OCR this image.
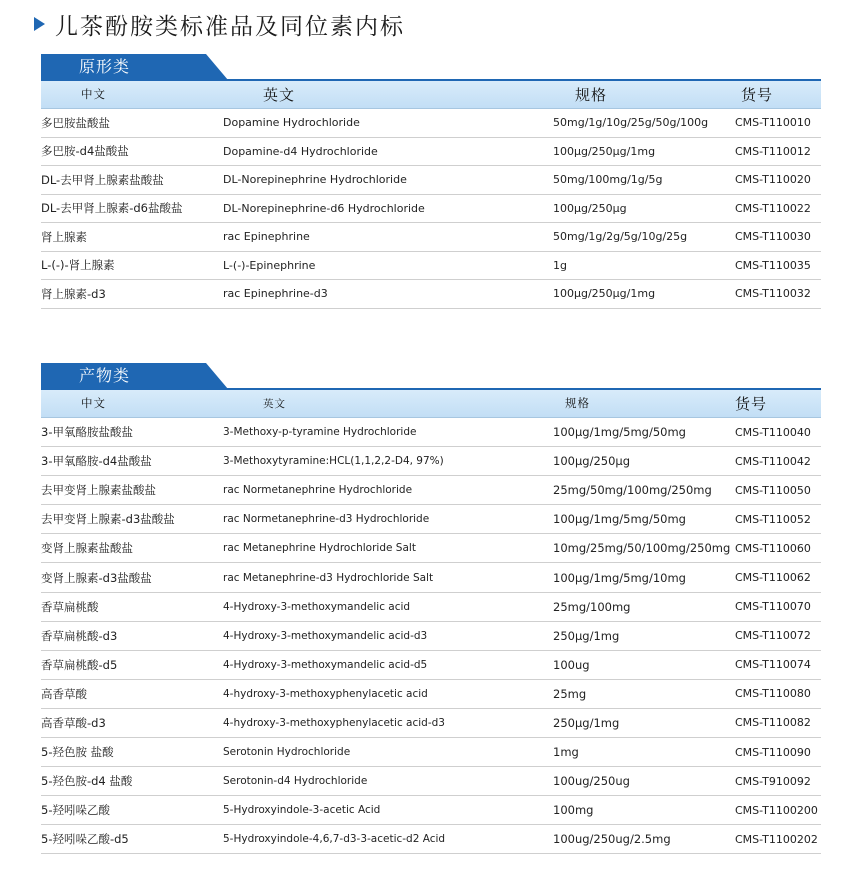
儿茶酚胺类标准品及同位素内标
原形类
中文	英文	规格	货号
多巴胺盐酸盐	Dopamine Hydrochloride	50mg/1g/10g/25g/50g/100g	CMS-T110010
多巴胺-d4盐酸盐	Dopamine-d4 Hydrochloride	100μg/250μg/1mg	CMS-T110012
DL-去甲肾上腺素盐酸盐	DL-Norepinephrine Hydrochloride	50mg/100mg/1g/5g	CMS-T110020
DL-去甲肾上腺素-d6盐酸盐	DL-Norepinephrine-d6 Hydrochloride	100μg/250μg	CMS-T110022
肾上腺素	rac Epinephrine	50mg/1g/2g/5g/10g/25g	CMS-T110030
L-(-)-肾上腺素	L-(-)-Epinephrine	1g	CMS-T110035
肾上腺素-d3	rac Epinephrine-d3	100μg/250μg/1mg	CMS-T110032
产物类
中文	英文	规格	货号
3-甲氧酪胺盐酸盐	3-Methoxy-p-tyramine Hydrochloride	100μg/1mg/5mg/50mg	CMS-T110040
3-甲氧酪胺-d4盐酸盐	3-Methoxytyramine:HCL(1,1,2,2-D4, 97%)	100μg/250μg	CMS-T110042
去甲变肾上腺素盐酸盐	rac Normetanephrine Hydrochloride	25mg/50mg/100mg/250mg	CMS-T110050
去甲变肾上腺素-d3盐酸盐	rac Normetanephrine-d3 Hydrochloride	100μg/1mg/5mg/50mg	CMS-T110052
变肾上腺素盐酸盐	rac Metanephrine Hydrochloride Salt	10mg/25mg/50/100mg/250mg CMS-T110060
变肾上腺素-d3盐酸盐	rac Metanephrine-d3 Hydrochloride Salt	100μg/1mg/5mg/10mg	CMS-T110062
香草扁桃酸	4-Hydroxy-3-methoxymandelic acid	25mg/100mg	CMS-T110070
香草扁桃酸-d3	4-Hydroxy-3-methoxymandelic acid-d3	250μg/1mg	CMS-T110072
香草扁桃酸-d5	4-Hydroxy-3-methoxymandelic acid-d5	100ug	CMS-T110074
高香草酸	4-hydroxy-3-methoxyphenylacetic acid	25mg	CMS-T110080
高香草酸-d3	4-hydroxy-3-methoxyphenylacetic acid-d3	250μg/1mg	CMS-T110082
5-羟色胺 盐酸	Serotonin Hydrochloride	1mg	CMS-T110090
5-羟色胺-d4 盐酸	Serotonin-d4 Hydrochloride	100ug/250ug	CMS-T910092
5-羟吲哚乙酸	5-Hydroxyindole-3-acetic Acid	100mg	CMS-T1100200
5-羟吲哚乙酸-d5	5-Hydroxyindole-4,6,7-d3-3-acetic-d2 Acid	100ug/250ug/2.5mg	CMS-T1100202
